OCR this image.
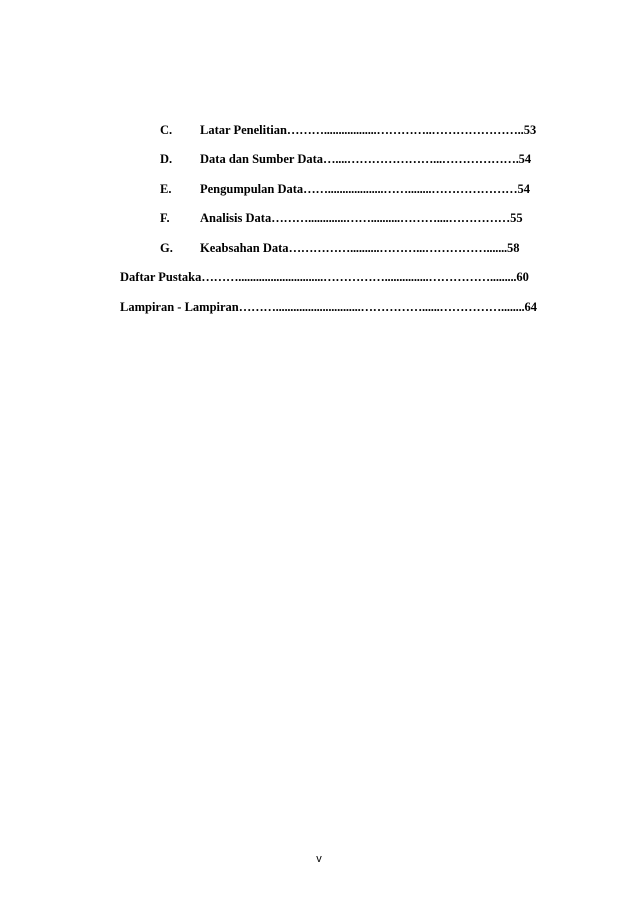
C.	Latar Penelitian ………..................…………..…………………. .53
D.	Data dan Sumber Data …....…………………...………………. 54
E.	Pengumpulan Data ……...................……........………………… 54
F.	Analisis Data ……….............……..........………....…………… 55
G.	Keabsahan Data ……………..........………...……………....... 58
Daftar Pustaka ……….............................……………...............……………......... 60
Lampiran - Lampiran ……….............................……………......……………........ 64
v
